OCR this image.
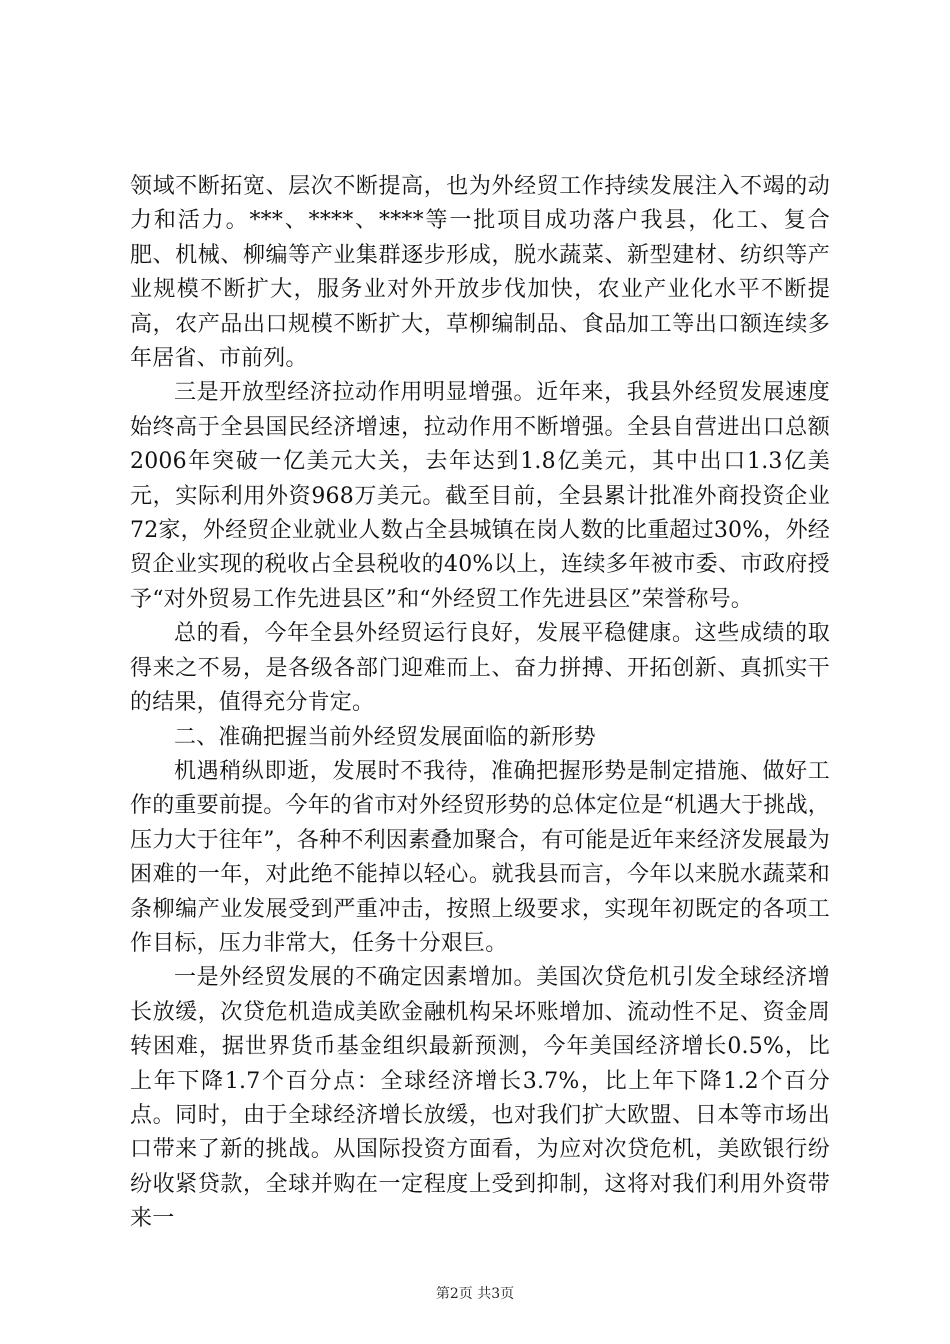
领域不断拓宽、层次不断提高，也为外经贸工作持续发展注入不竭的动力和活力。***、****、****等一批项目成功落户我县，化工、复合肥、机械、柳编等产业集群逐步形成，脱水蔬菜、新型建材、纺织等产业规模不断扩大，服务业对外开放步伐加快，农业产业化水平不断提高，农产品出口规模不断扩大，草柳编制品、食品加工等出口额连续多年居省、市前列。

三是开放型经济拉动作用明显增强。近年来，我县外经贸发展速度始终高于全县国民经济增速，拉动作用不断增强。全县自营进出口总额2006年突破一亿美元大关，去年达到1.8亿美元，其中出口1.3亿美元，实际利用外资968万美元。截至目前，全县累计批准外商投资企业72家，外经贸企业就业人数占全县城镇在岗人数的比重超过30%，外经贸企业实现的税收占全县税收的40%以上，连续多年被市委、市政府授予“对外贸易工作先进县区”和“外经贸工作先进县区”荣誉称号。

总的看，今年全县外经贸运行良好，发展平稳健康。这些成绩的取得来之不易，是各级各部门迎难而上、奋力拼搏、开拓创新、真抓实干的结果，值得充分肯定。

二、准确把握当前外经贸发展面临的新形势

机遇稍纵即逝，发展时不我待，准确把握形势是制定措施、做好工作的重要前提。今年的省市对外经贸形势的总体定位是“机遇大于挑战，压力大于往年”，各种不利因素叠加聚合，有可能是近年来经济发展最为困难的一年，对此绝不能掉以轻心。就我县而言，今年以来脱水蔬菜和条柳编产业发展受到严重冲击，按照上级要求，实现年初既定的各项工作目标，压力非常大，任务十分艰巨。

一是外经贸发展的不确定因素增加。美国次贷危机引发全球经济增长放缓，次贷危机造成美欧金融机构呆坏账增加、流动性不足、资金周转困难，据世界货币基金组织最新预测，今年美国经济增长0.5%，比上年下降1.7个百分点：全球经济增长3.7%，比上年下降1.2个百分点。同时，由于全球经济增长放缓，也对我们扩大欧盟、日本等市场出口带来了新的挑战。从国际投资方面看，为应对次贷危机，美欧银行纷纷收紧贷款，全球并购在一定程度上受到抑制，这将对我们利用外资带来一

第2页 共3页
